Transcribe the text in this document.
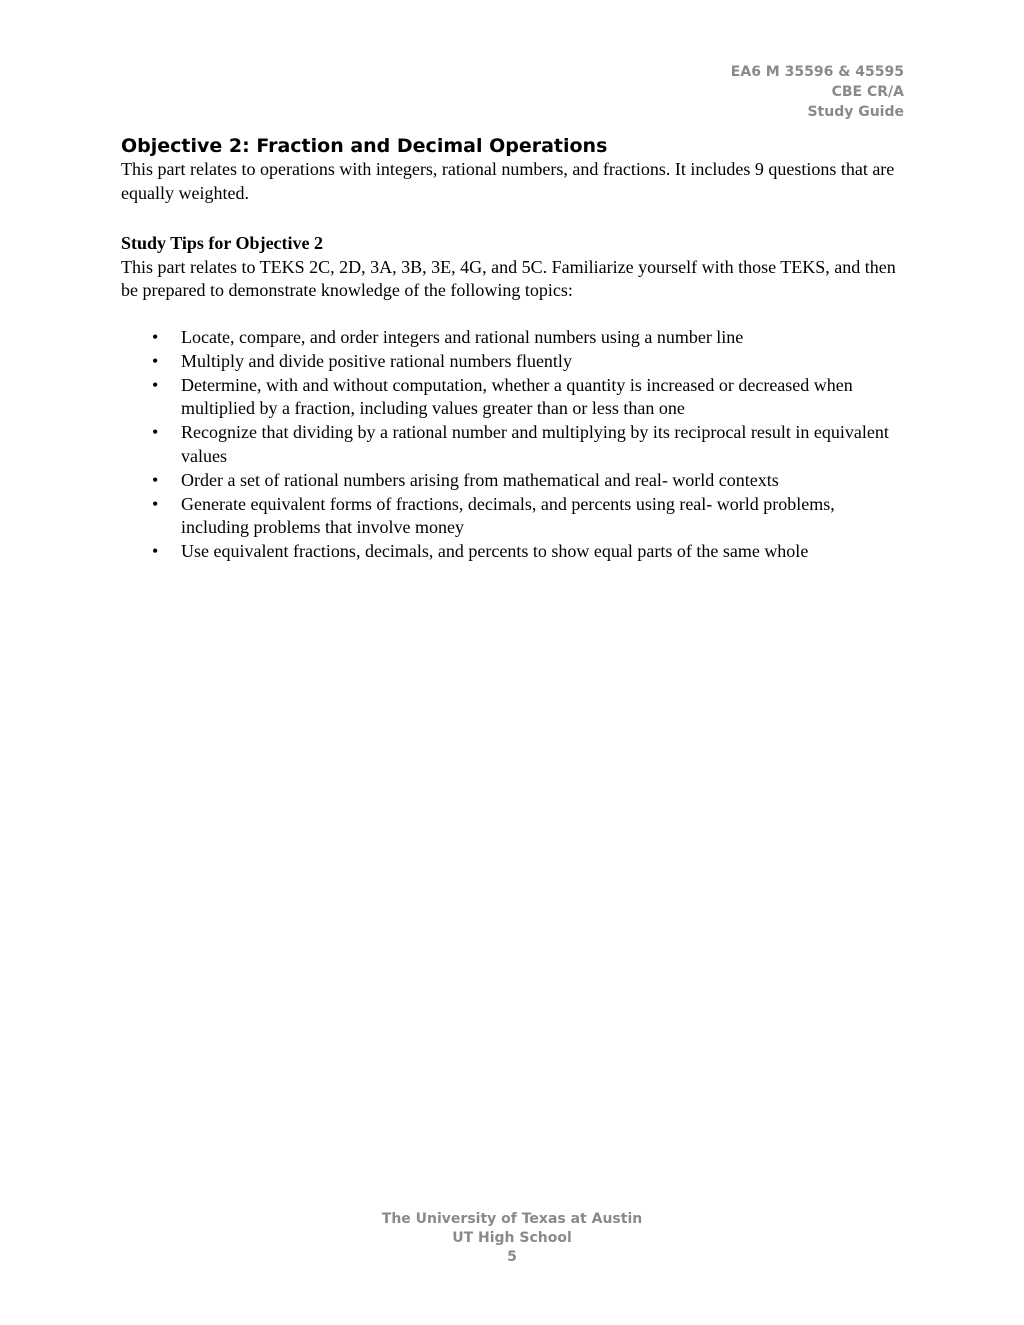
EA6 M 35596 & 45595
CBE CR/A
Study Guide
Objective 2: Fraction and Decimal Operations

This part relates to operations with integers, rational numbers, and fractions. It includes 9 questions that are equally weighted.

Study Tips for Objective 2

This part relates to TEKS 2C, 2D, 3A, 3B, 3E, 4G, and 5C. Familiarize yourself with those TEKS, and then be prepared to demonstrate knowledge of the following topics:

• Locate, compare, and order integers and rational numbers using a number line
• Multiply and divide positive rational numbers fluently
• Determine, with and without computation, whether a quantity is increased or decreased when multiplied by a fraction, including values greater than or less than one
• Recognize that dividing by a rational number and multiplying by its reciprocal result in equivalent values
• Order a set of rational numbers arising from mathematical and real- world contexts
• Generate equivalent forms of fractions, decimals, and percents using real- world problems, including problems that involve money
• Use equivalent fractions, decimals, and percents to show equal parts of the same whole
The University of Texas at Austin
UT High School
5
